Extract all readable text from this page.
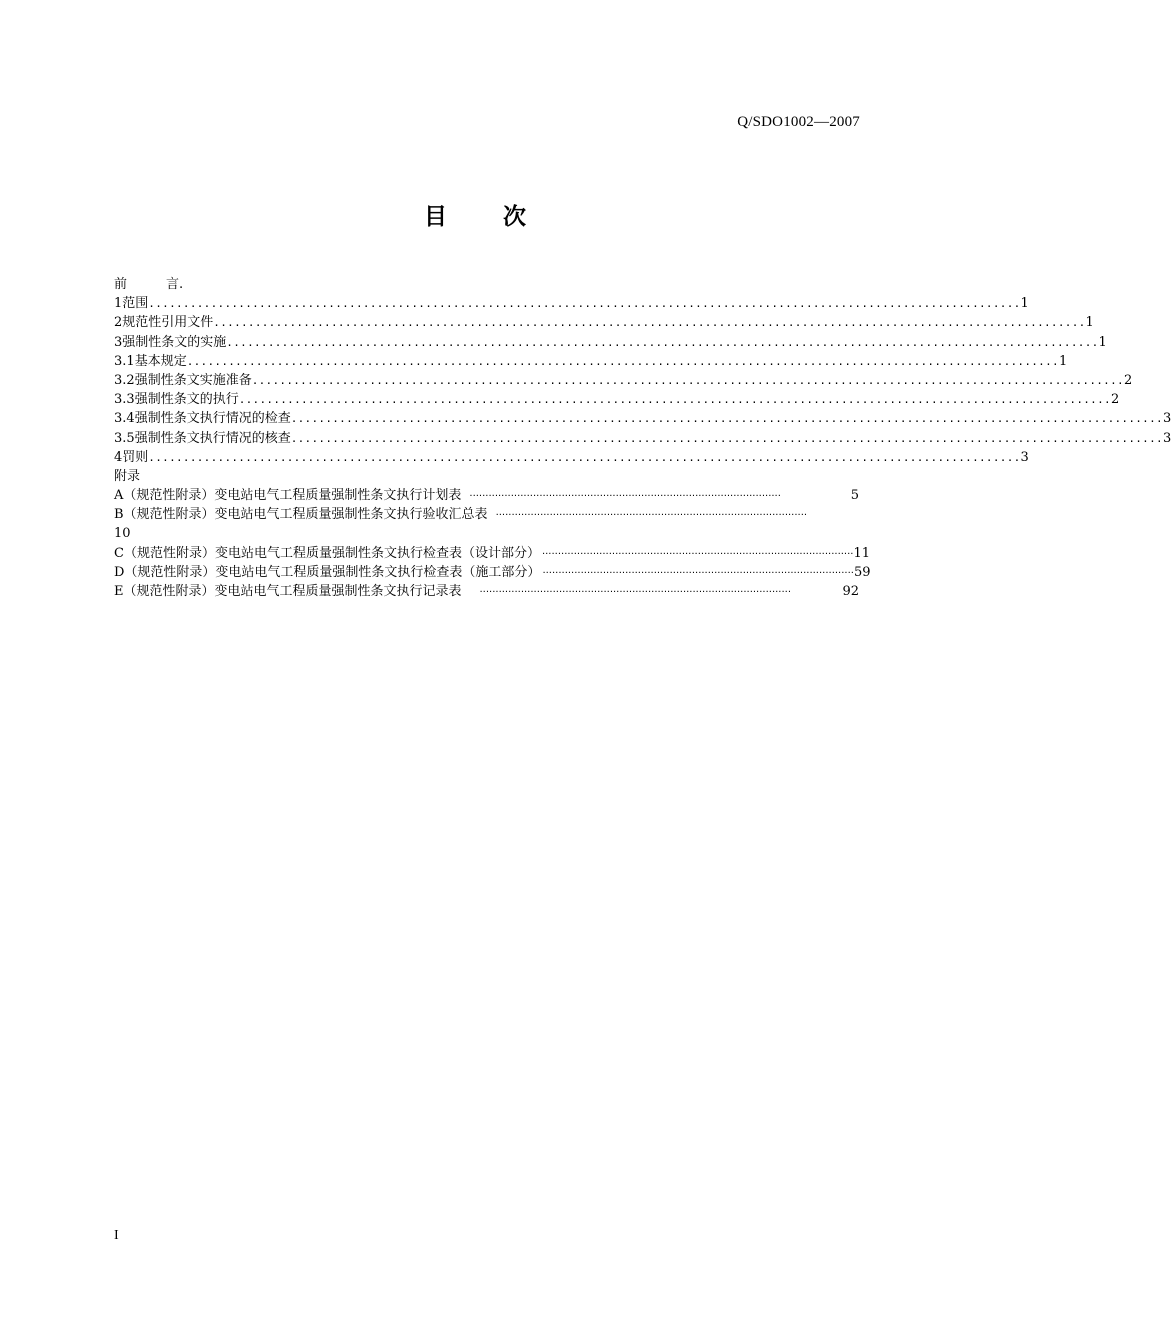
Q/SDO1002—2007
目 次
前	言.
1 范围 .............................................................................................................................. 1
2 规范性引用文件 .............................................................................................................................. 1
3 强制性条文的实施 .............................................................................................................................. 1
3.1 基本规定 .............................................................................................................................. 1
3.2 强制性条文实施准备 .............................................................................................................................. 2
3.3 强制性条文的执行 .............................................................................................................................. 2
3.4 强制性条文执行情况的检查 .............................................................................................................................. 3
3.5 强制性条文执行情况的核查 .............................................................................................................................. 3
4 罚则 .............................................................................................................................. 3
附录
A（规范性附录）变电站电气工程质量强制性条文执行计划表 ··································································································	5
B（规范性附录）变电站电气工程质量强制性条文执行验收汇总表 ··································································································
10
C（规范性附录）变电站电气工程质量强制性条文执行检查表（设计部分） ·································································································· 11
D（规范性附录）变电站电气工程质量强制性条文执行检查表（施工部分） ·································································································· 59
E（规范性附录）变电站电气工程质量强制性条文执行记录表 ··································································································	92
I
